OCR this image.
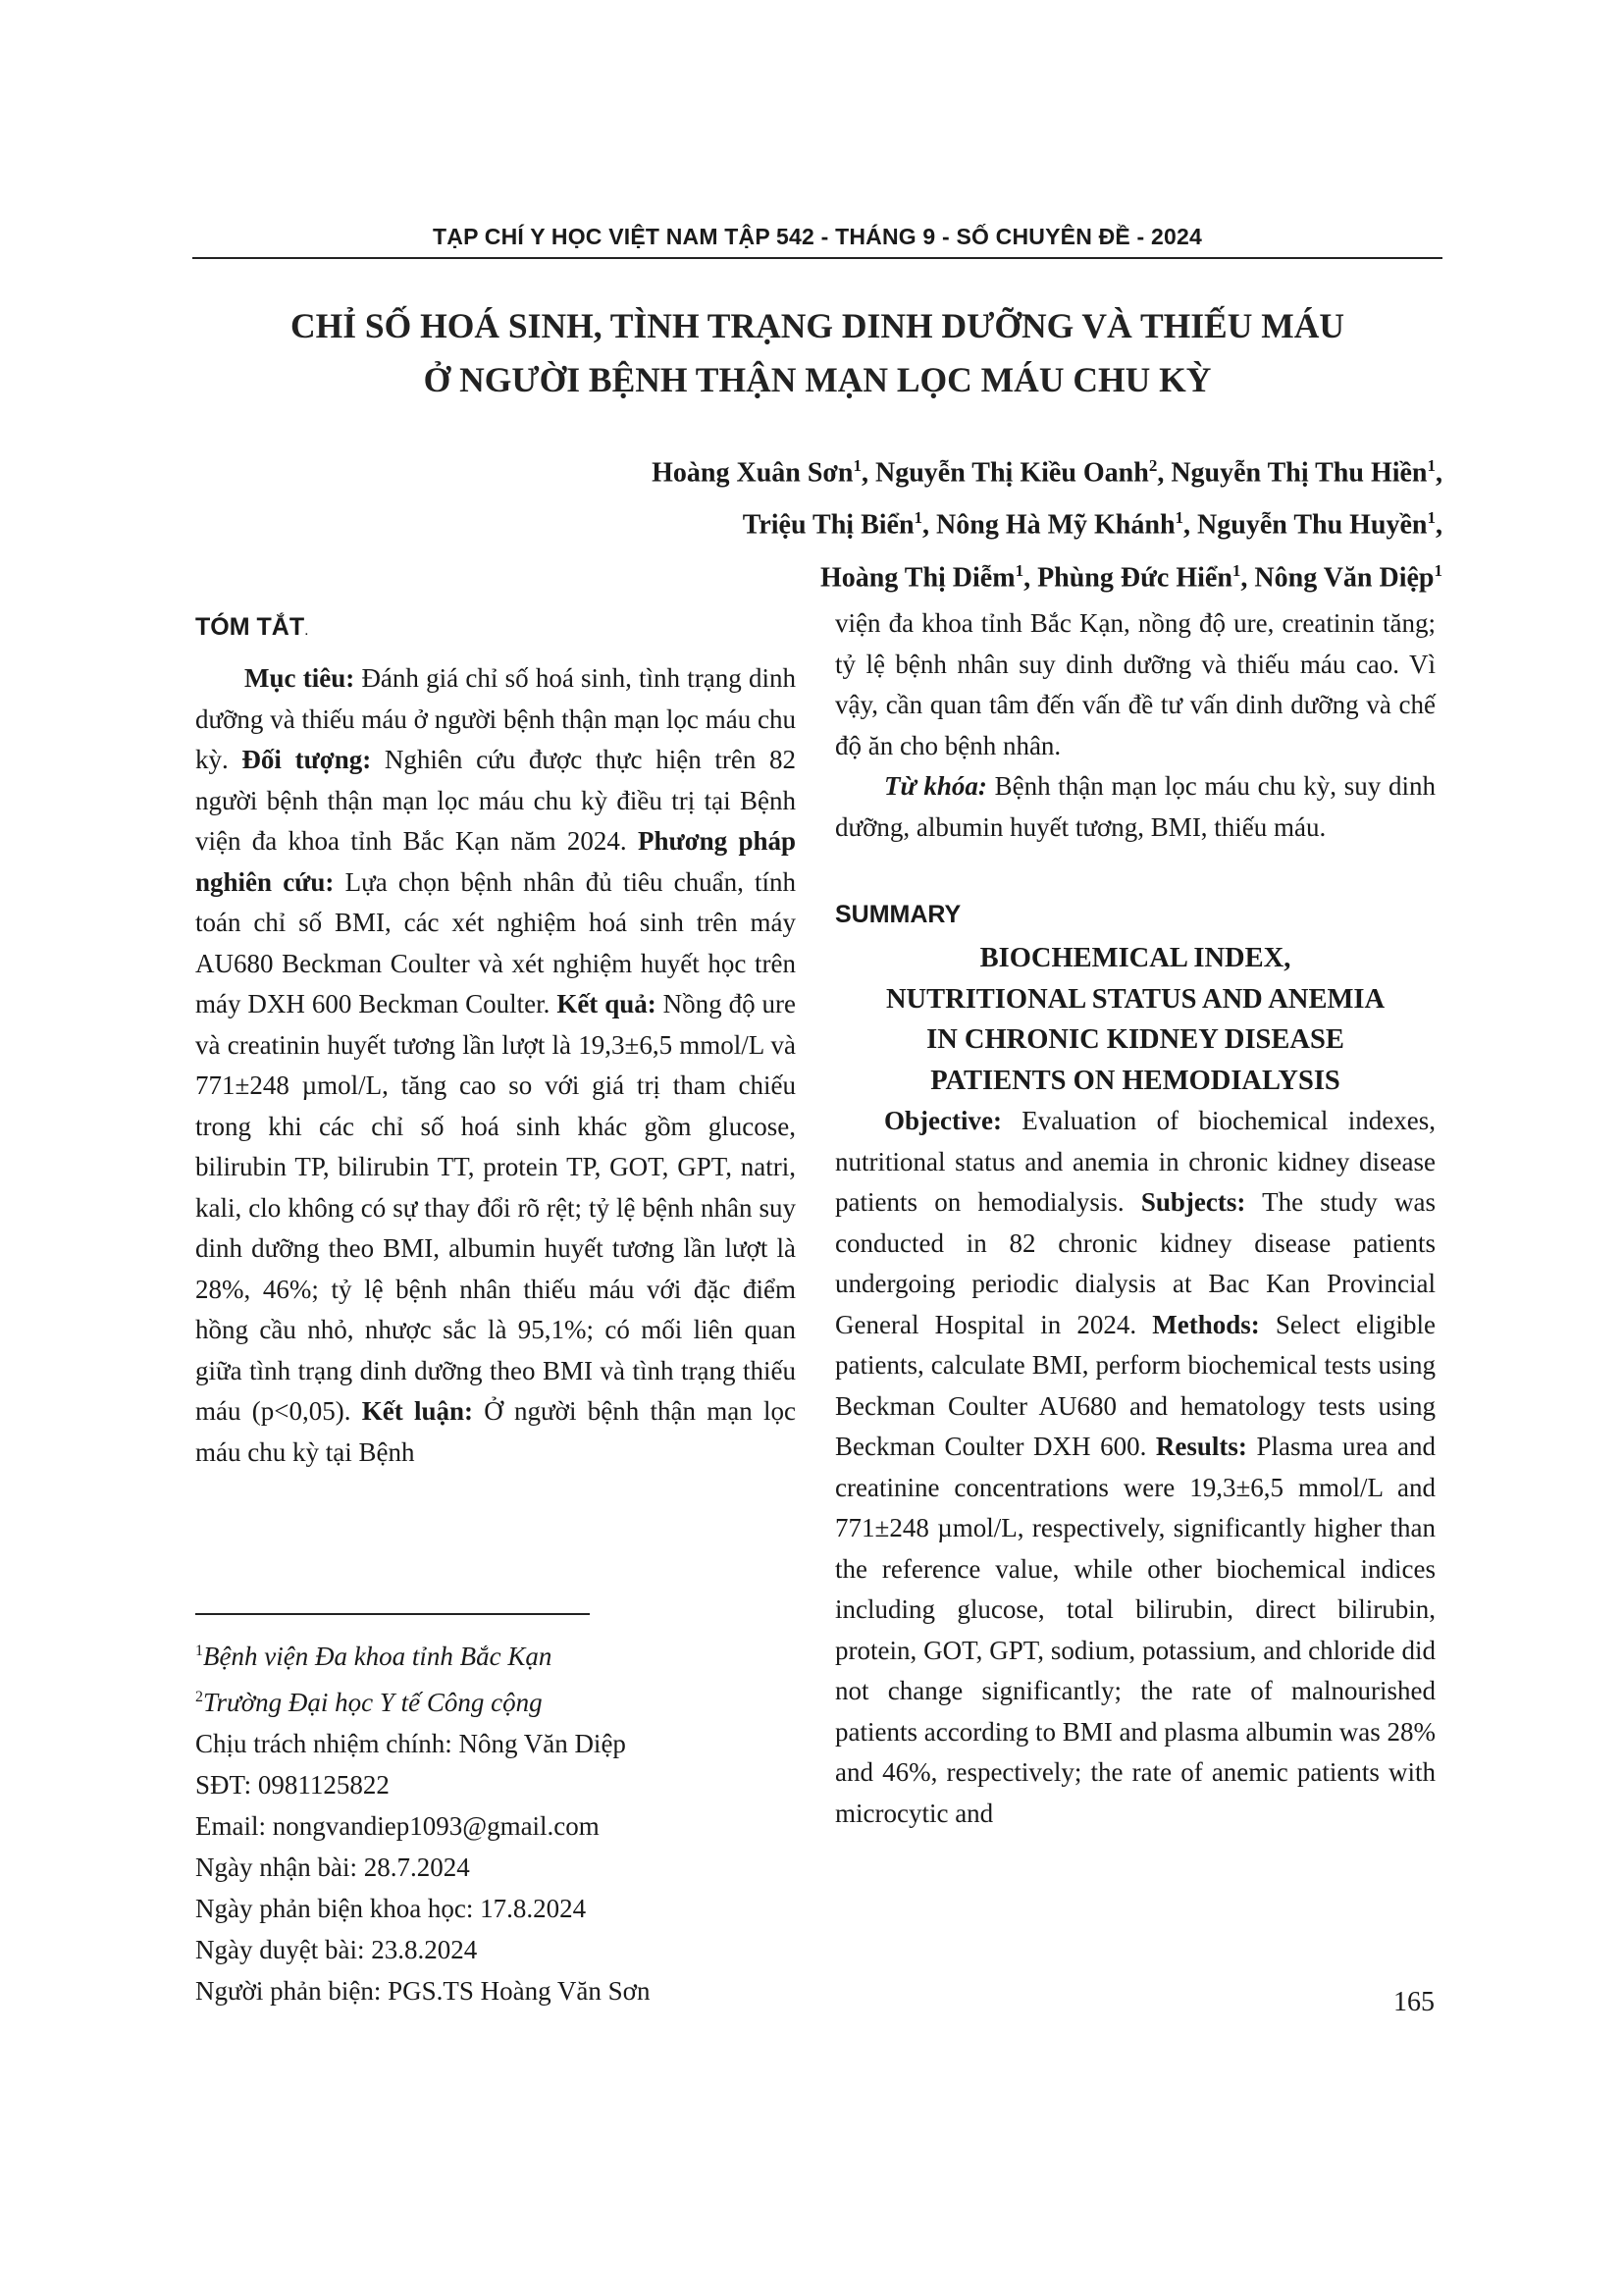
TẠP CHÍ Y HỌC VIỆT NAM TẬP 542 - THÁNG 9 - SỐ CHUYÊN ĐỀ - 2024
CHỈ SỐ HOÁ SINH, TÌNH TRẠNG DINH DƯỠNG VÀ THIẾU MÁU
Ở NGƯỜI BỆNH THẬN MẠN LỌC MÁU CHU KỲ
Hoàng Xuân Sơn$^1$, Nguyễn Thị Kiều Oanh$^2$, Nguyễn Thị Thu Hiền$^1$,
Triệu Thị Biển$^1$, Nông Hà Mỹ Khánh$^1$, Nguyễn Thu Huyền$^1$,
Hoàng Thị Diễm$^1$, Phùng Đức Hiển$^1$, Nông Văn Diệp$^1$
TÓM TẮT.

Mục tiêu: Đánh giá chỉ số hoá sinh, tình trạng dinh dưỡng và thiếu máu ở người bệnh thận mạn lọc máu chu kỳ. Đối tượng: Nghiên cứu được thực hiện trên 82 người bệnh thận mạn lọc máu chu kỳ điều trị tại Bệnh viện đa khoa tỉnh Bắc Kạn năm 2024. Phương pháp nghiên cứu: Lựa chọn bệnh nhân đủ tiêu chuẩn, tính toán chỉ số BMI, các xét nghiệm hoá sinh trên máy AU680 Beckman Coulter và xét nghiệm huyết học trên máy DXH 600 Beckman Coulter. Kết quả: Nồng độ ure và creatinin huyết tương lần lượt là 19,3±6,5 mmol/L và 771±248 µmol/L, tăng cao so với giá trị tham chiếu trong khi các chỉ số hoá sinh khác gồm glucose, bilirubin TP, bilirubin TT, protein TP, GOT, GPT, natri, kali, clo không có sự thay đổi rõ rệt; tỷ lệ bệnh nhân suy dinh dưỡng theo BMI, albumin huyết tương lần lượt là 28%, 46%; tỷ lệ bệnh nhân thiếu máu với đặc điểm hồng cầu nhỏ, nhược sắc là 95,1%; có mối liên quan giữa tình trạng dinh dưỡng theo BMI và tình trạng thiếu máu (p<0,05). Kết luận: Ở người bệnh thận mạn lọc máu chu kỳ tại Bệnh

$^1$Bệnh viện Đa khoa tỉnh Bắc Kạn
$^2$Trường Đại học Y tế Công cộng
Chịu trách nhiệm chính: Nông Văn Diệp
SĐT: 0981125822
Email: nongvandiep1093@gmail.com
Ngày nhận bài: 28.7.2024
Ngày phản biện khoa học: 17.8.2024
Ngày duyệt bài: 23.8.2024
Người phản biện: PGS.TS Hoàng Văn Sơn

viện đa khoa tỉnh Bắc Kạn, nồng độ ure, creatinin tăng; tỷ lệ bệnh nhân suy dinh dưỡng và thiếu máu cao. Vì vậy, cần quan tâm đến vấn đề tư vấn dinh dưỡng và chế độ ăn cho bệnh nhân.

Từ khóa: Bệnh thận mạn lọc máu chu kỳ, suy dinh dưỡng, albumin huyết tương, BMI, thiếu máu.

SUMMARY

BIOCHEMICAL INDEX,

NUTRITIONAL STATUS AND ANEMIA

IN CHRONIC KIDNEY DISEASE

PATIENTS ON HEMODIALYSIS

Objective: Evaluation of biochemical indexes, nutritional status and anemia in chronic kidney disease patients on hemodialysis. Subjects: The study was conducted in 82 chronic kidney disease patients undergoing periodic dialysis at Bac Kan Provincial General Hospital in 2024. Methods: Select eligible patients, calculate BMI, perform biochemical tests using Beckman Coulter AU680 and hematology tests using Beckman Coulter DXH 600. Results: Plasma urea and creatinine concentrations were 19,3±6,5 mmol/L and 771±248 µmol/L, respectively, significantly higher than the reference value, while other biochemical indices including glucose, total bilirubin, direct bilirubin, protein, GOT, GPT, sodium, potassium, and chloride did not change significantly; the rate of malnourished patients according to BMI and plasma albumin was 28% and 46%, respectively; the rate of anemic patients with microcytic and

165
